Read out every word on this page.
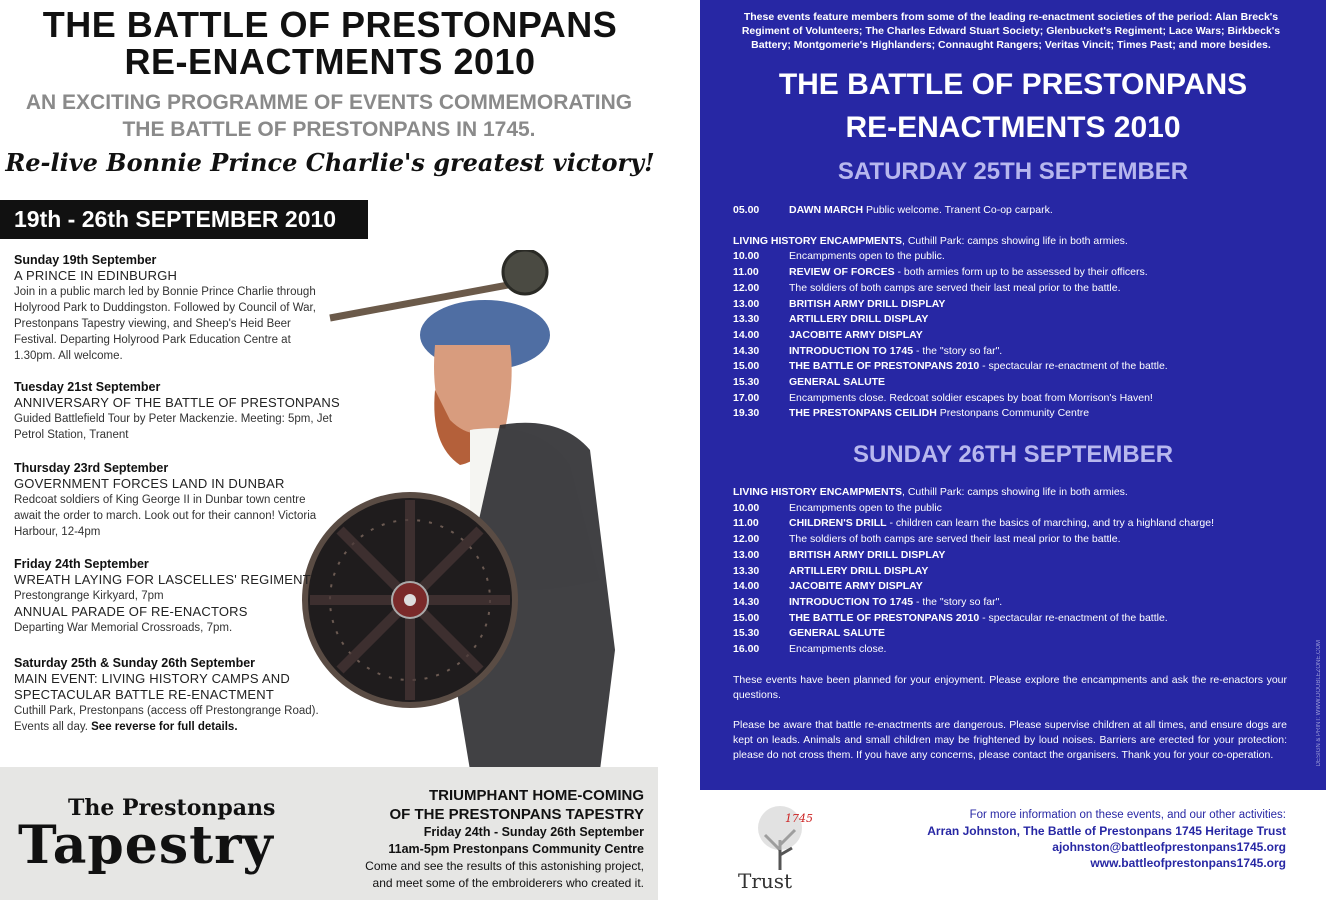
THE BATTLE OF PRESTONPANS
RE-ENACTMENTS 2010
AN EXCITING PROGRAMME OF EVENTS COMMEMORATING
THE BATTLE OF PRESTONPANS IN 1745.
Re-live Bonnie Prince Charlie's greatest victory!
19th - 26th SEPTEMBER 2010
Sunday 19th September
A PRINCE IN EDINBURGH
Join in a public march led by Bonnie Prince Charlie through Holyrood Park to Duddingston. Followed by Council of War, Prestonpans Tapestry viewing, and Sheep's Heid Beer Festival. Departing Holyrood Park Education Centre at 1.30pm. All welcome.
Tuesday 21st September
ANNIVERSARY OF THE BATTLE OF PRESTONPANS
Guided Battlefield Tour by Peter Mackenzie. Meeting: 5pm, Jet Petrol Station, Tranent
Thursday 23rd September
GOVERNMENT FORCES LAND IN DUNBAR
Redcoat soldiers of King George II in Dunbar town centre await the order to march. Look out for their cannon! Victoria Harbour, 12-4pm
Friday 24th September
WREATH LAYING FOR LASCELLES' REGIMENT
Prestongrange Kirkyard, 7pm
ANNUAL PARADE OF RE-ENACTORS
Departing War Memorial Crossroads, 7pm.
Saturday 25th & Sunday 26th September
MAIN EVENT: LIVING HISTORY CAMPS AND
SPECTACULAR BATTLE RE-ENACTMENT
Cuthill Park, Prestonpans (access off Prestongrange Road). Events all day. See reverse for full details.
The Prestonpans
Tapestry
TRIUMPHANT HOME-COMING
OF THE PRESTONPANS TAPESTRY
Friday 24th - Sunday 26th September
11am-5pm Prestonpans Community Centre
Come and see the results of this astonishing project,
and meet some of the embroiderers who created it.
These events feature members from some of the leading re-enactment societies of the period: Alan Breck's Regiment of Volunteers; The Charles Edward Stuart Society; Glenbucket's Regiment; Lace Wars; Birkbeck's Battery; Montgomerie's Highlanders; Connaught Rangers; Veritas Vincit; Times Past; and more besides.
THE BATTLE OF PRESTONPANS
RE-ENACTMENTS 2010
SATURDAY 25TH SEPTEMBER
05.00	DAWN MARCH Public welcome. Tranent Co-op carpark.
LIVING HISTORY ENCAMPMENTS, Cuthill Park: camps showing life in both armies.
10.00	Encampments open to the public.
11.00	REVIEW OF FORCES - both armies form up to be assessed by their officers.
12.00	The soldiers of both camps are served their last meal prior to the battle.
13.00	BRITISH ARMY DRILL DISPLAY
13.30	ARTILLERY DRILL DISPLAY
14.00	JACOBITE ARMY DISPLAY
14.30	INTRODUCTION TO 1745 - the "story so far".
15.00	THE BATTLE OF PRESTONPANS 2010 - spectacular re-enactment of the battle.
15.30	GENERAL SALUTE
17.00	Encampments close. Redcoat soldier escapes by boat from Morrison's Haven!
19.30	THE PRESTONPANS CEILIDH Prestonpans Community Centre
SUNDAY 26TH SEPTEMBER
LIVING HISTORY ENCAMPMENTS, Cuthill Park: camps showing life in both armies.
10.00	Encampments open to the public
11.00	CHILDREN'S DRILL - children can learn the basics of marching, and try a highland charge!
12.00	The soldiers of both camps are served their last meal prior to the battle.
13.00	BRITISH ARMY DRILL DISPLAY
13.30	ARTILLERY DRILL DISPLAY
14.00	JACOBITE ARMY DISPLAY
14.30	INTRODUCTION TO 1745 - the "story so far".
15.00	THE BATTLE OF PRESTONPANS 2010 - spectacular re-enactment of the battle.
15.30	GENERAL SALUTE
16.00	Encampments close.
These events have been planned for your enjoyment. Please explore the encampments and ask the re-enactors your questions.
Please be aware that battle re-enactments are dangerous. Please supervise children at all times, and ensure dogs are kept on leads. Animals and small children may be frightened by loud noises. Barriers are erected for your protection: please do not cross them. If you have any concerns, please contact the organisers. Thank you for your co-operation.
For more information on these events, and our other activities:
Arran Johnston, The Battle of Prestonpans 1745 Heritage Trust
ajohnston@battleofprestonpans1745.org
www.battleofprestonpans1745.org
1745
Trust
DESIGN & PRINT: WWW.DOUBLEZONE.COM
